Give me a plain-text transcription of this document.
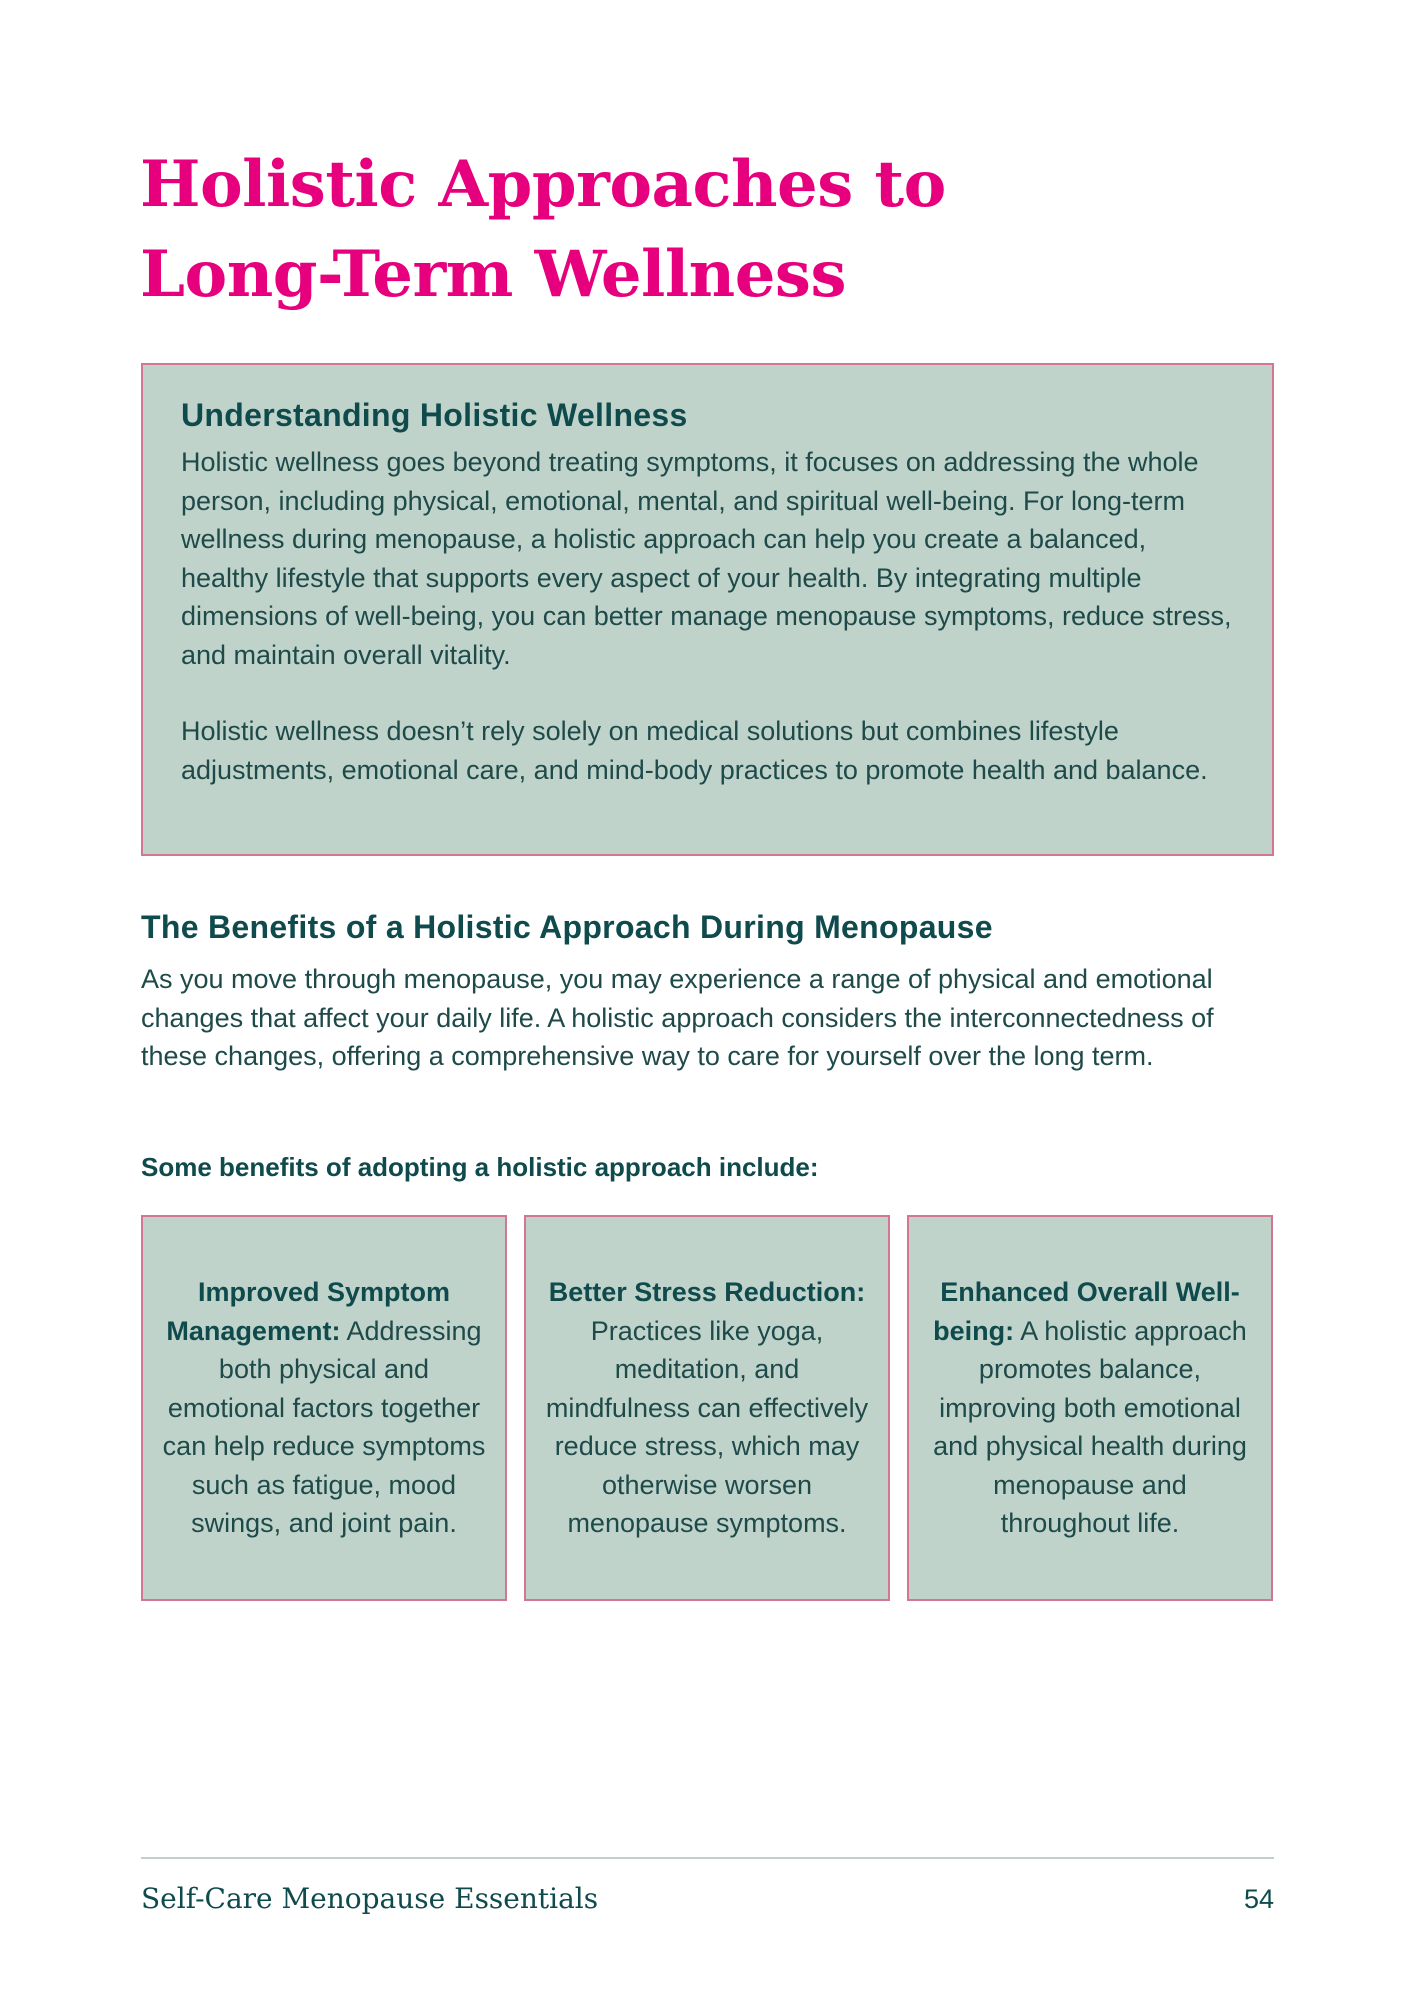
Holistic Approaches to
Long-Term Wellness
Understanding Holistic Wellness

Holistic wellness goes beyond treating symptoms, it focuses on addressing the whole person, including physical, emotional, mental, and spiritual well-being. For long-term wellness during menopause, a holistic approach can help you create a balanced, healthy lifestyle that supports every aspect of your health. By integrating multiple dimensions of well-being, you can better manage menopause symptoms, reduce stress, and maintain overall vitality.

Holistic wellness doesn’t rely solely on medical solutions but combines lifestyle adjustments, emotional care, and mind-body practices to promote health and balance.

The Benefits of a Holistic Approach During Menopause

As you move through menopause, you may experience a range of physical and emotional changes that affect your daily life. A holistic approach considers the interconnectedness of these changes, offering a comprehensive way to care for yourself over the long term.

Some benefits of adopting a holistic approach include:

Improved Symptom Management: Addressing both physical and emotional factors together can help reduce symptoms such as fatigue, mood swings, and joint pain.

Better Stress Reduction: Practices like yoga, meditation, and mindfulness can effectively reduce stress, which may otherwise worsen menopause symptoms.

Enhanced Overall Well-being: A holistic approach promotes balance, improving both emotional and physical health during menopause and throughout life.

Self-Care Menopause Essentials	54
